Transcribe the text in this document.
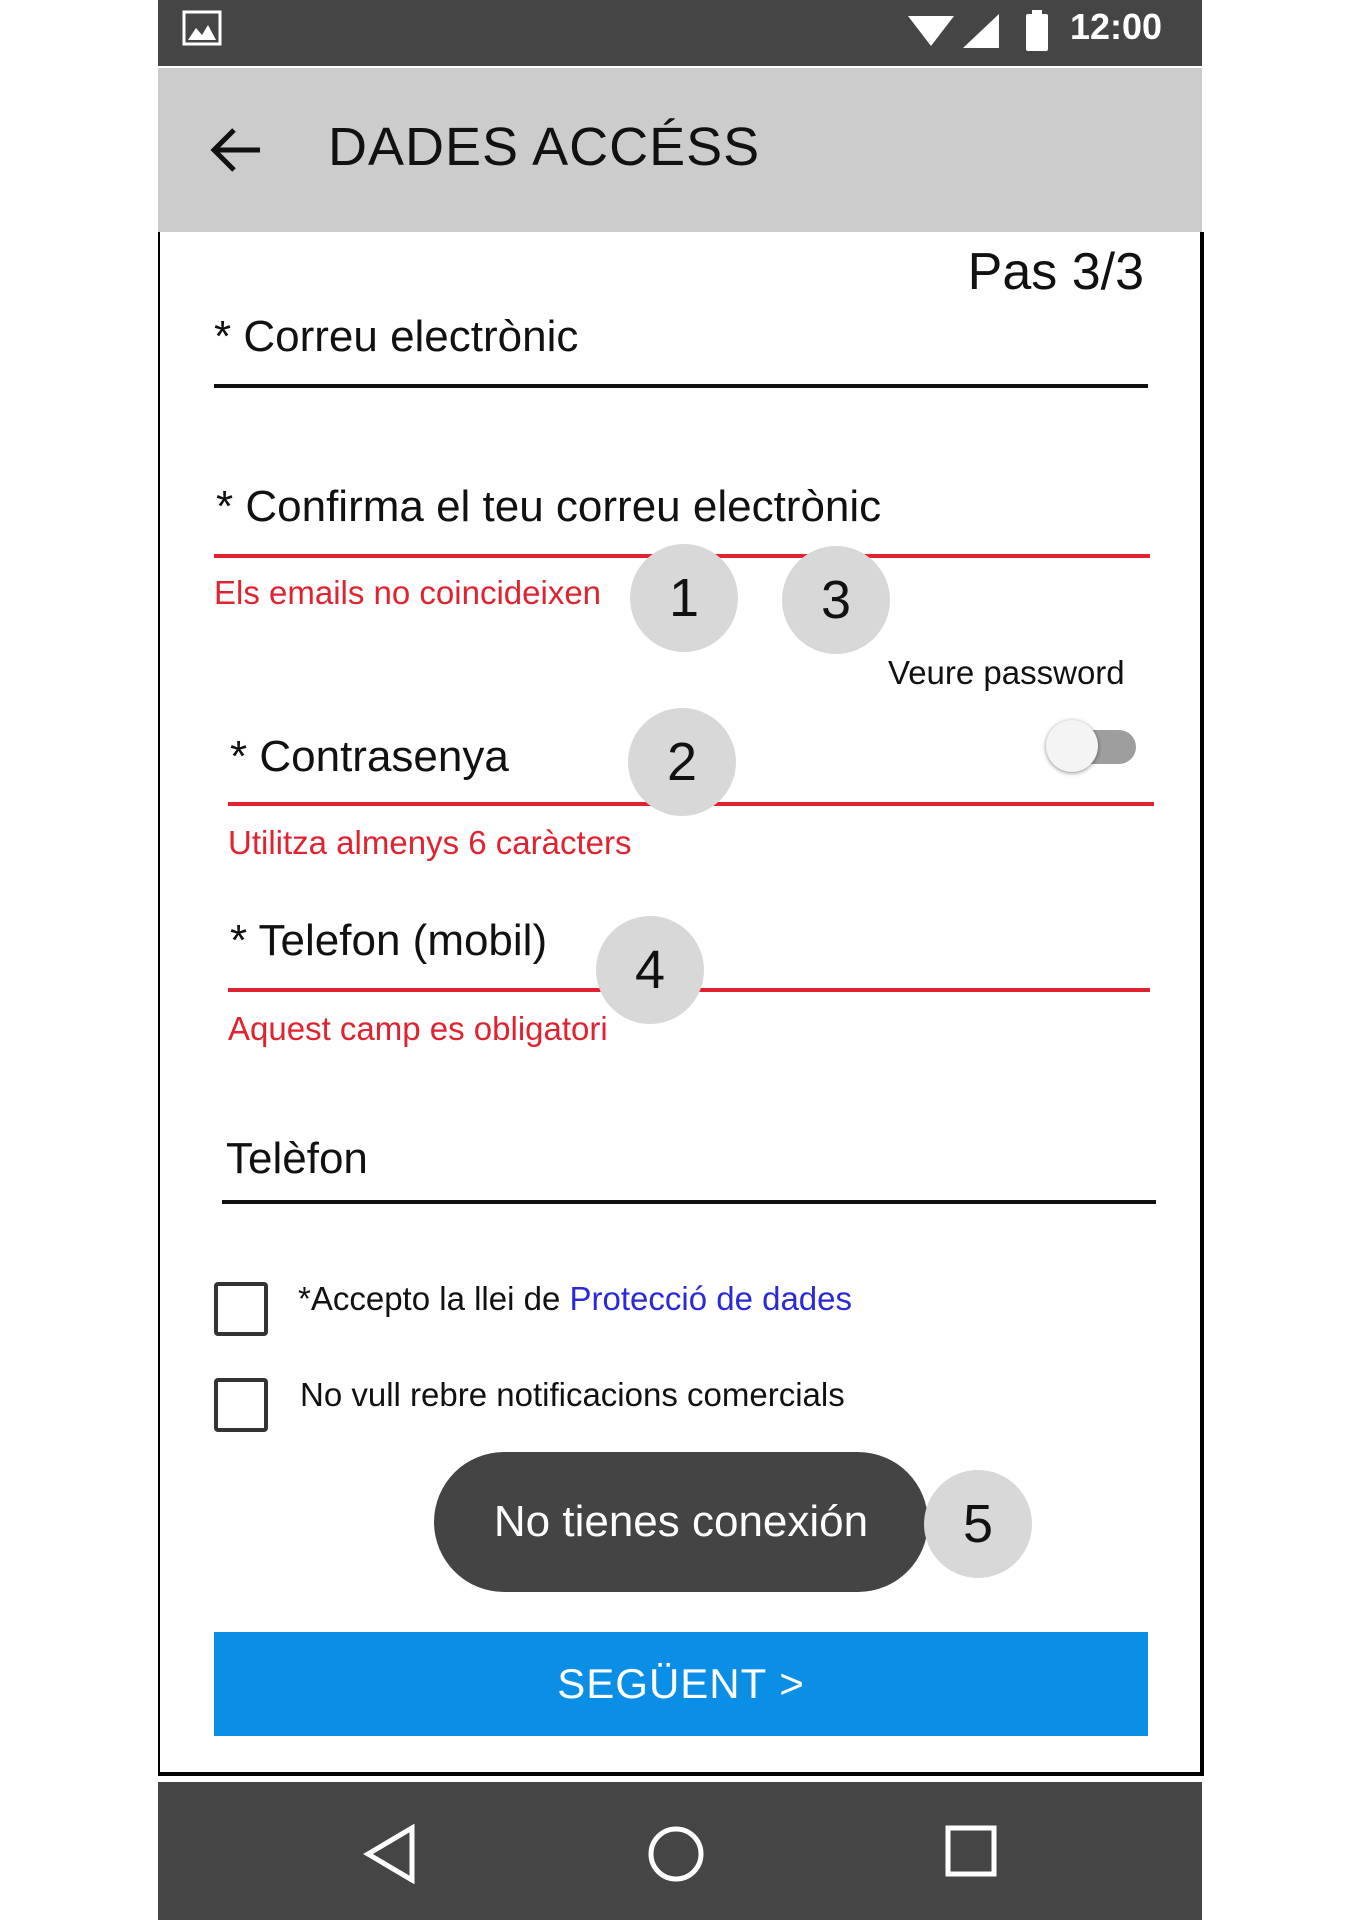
12:00
DADES ACCÉSS
Pas 3/3
* Correu electrònic
* Confirma el teu correu electrònic
Els emails no coincideixen
Veure password
* Contrasenya
Utilitza almenys 6 caràcters
* Telefon (mobil)
Aquest camp es obligatori
Telèfon
*Accepto la llei de Protecció de dades
No vull rebre notificacions comercials
No tienes conexión
SEGÜENT >
1	3
2
4
5
